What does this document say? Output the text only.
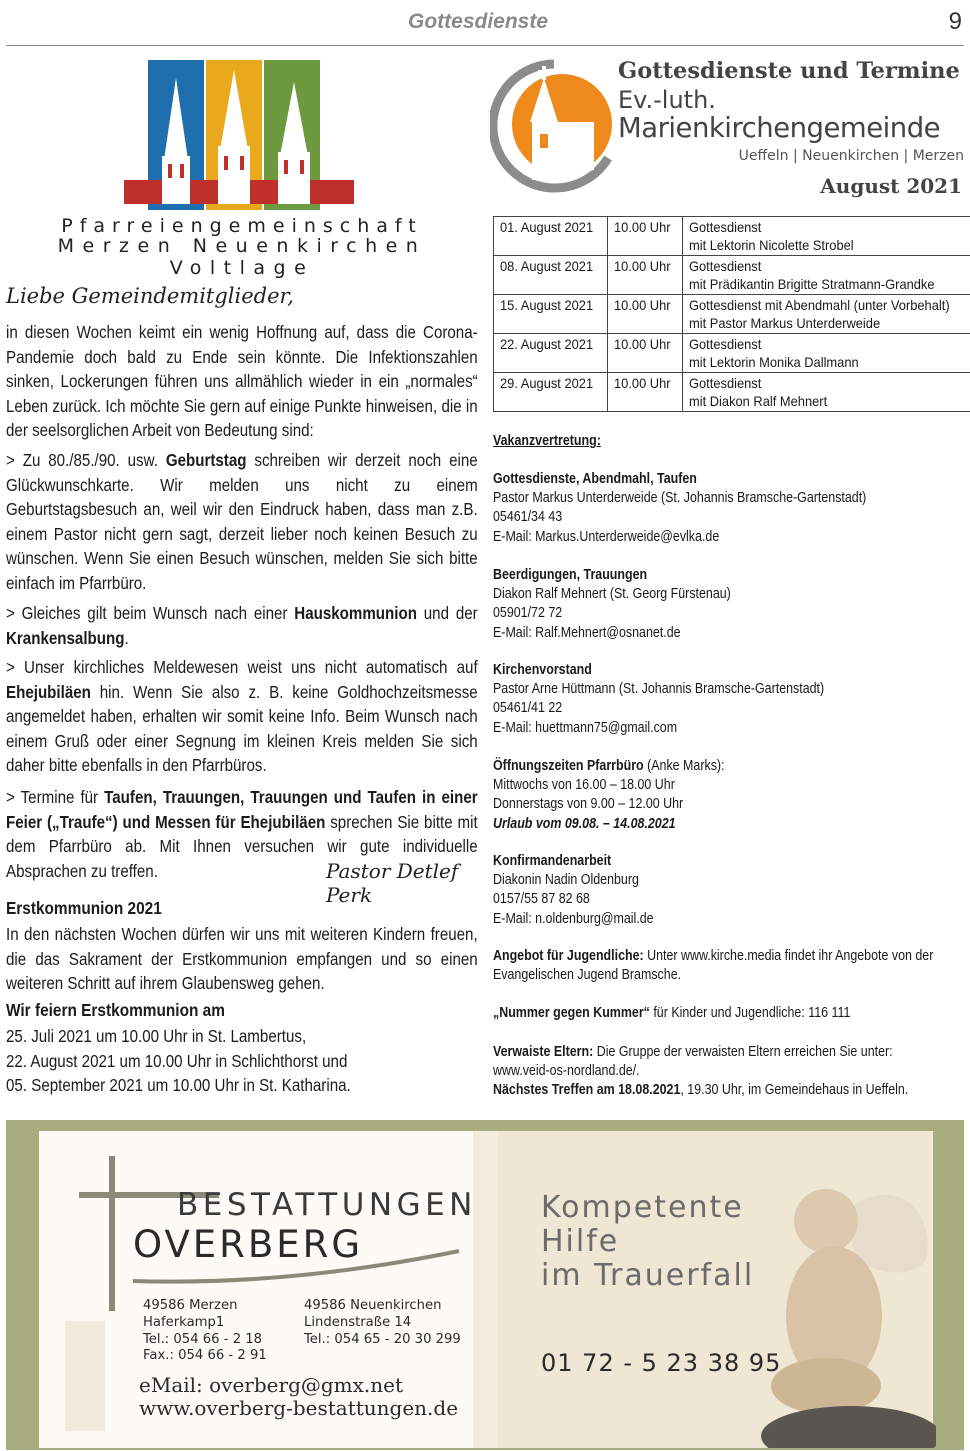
Gottesdienste	9
Pfarreiengemeinschaft
Merzen Neuenkirchen Voltlage
Liebe Gemeindemitglieder,
in diesen Wochen keimt ein wenig Hoffnung auf, dass die Corona-Pandemie doch bald zu Ende sein könnte. Die Infektionszahlen sinken, Lockerungen führen uns allmählich wieder in ein „normales“ Leben zurück. Ich möchte Sie gern auf einige Punkte hinweisen, die in der seelsorglichen Arbeit von Bedeutung sind:
> Zu 80./85./90. usw. Geburtstag schreiben wir derzeit noch eine Glückwunschkarte. Wir melden uns nicht zu einem Geburtstagsbesuch an, weil wir den Eindruck haben, dass man z.B. einem Pastor nicht gern sagt, derzeit lieber noch keinen Besuch zu wünschen. Wenn Sie einen Besuch wünschen, melden Sie sich bitte einfach im Pfarrbüro.
> Gleiches gilt beim Wunsch nach einer Hauskommunion und der Krankensalbung.
> Unser kirchliches Meldewesen weist uns nicht automatisch auf Ehejubiläen hin. Wenn Sie also z. B. keine Goldhochzeitsmesse angemeldet haben, erhalten wir somit keine Info. Beim Wunsch nach einem Gruß oder einer Segnung im kleinen Kreis melden Sie sich daher bitte ebenfalls in den Pfarrbüros.
> Termine für Taufen, Trauungen, Trauungen und Taufen in einer Feier („Traufe“) und Messen für Ehejubiläen sprechen Sie bitte mit dem Pfarrbüro ab. Mit Ihnen versuchen wir gute individuelle Absprachen zu treffen.	Pastor Detlef Perk
Erstkommunion 2021
In den nächsten Wochen dürfen wir uns mit weiteren Kindern freuen, die das Sakrament der Erstkommunion empfangen und so einen weiteren Schritt auf ihrem Glaubensweg gehen.
Wir feiern Erstkommunion am
25. Juli 2021 um 10.00 Uhr in St. Lambertus,
22. August 2021 um 10.00 Uhr in Schlichthorst und
05. September 2021 um 10.00 Uhr in St. Katharina.
Gottesdienste und Termine
Ev.-luth.
Marienkirchengemeinde
Ueffeln | Neuenkirchen | Merzen
August 2021
01. August 2021	10.00 Uhr	Gottesdienst
mit Lektorin Nicolette Strobel
08. August 2021	10.00 Uhr	Gottesdienst
mit Prädikantin Brigitte Stratmann-Grandke
15. August 2021	10.00 Uhr	Gottesdienst mit Abendmahl (unter Vorbehalt)
mit Pastor Markus Unterderweide
22. August 2021	10.00 Uhr	Gottesdienst
mit Lektorin Monika Dallmann
29. August 2021	10.00 Uhr	Gottesdienst
mit Diakon Ralf Mehnert
Vakanzvertretung:
Gottesdienste, Abendmahl, Taufen
Pastor Markus Unterderweide (St. Johannis Bramsche-Gartenstadt)
05461/34 43
E-Mail: Markus.Unterderweide@evlka.de
Beerdigungen, Trauungen
Diakon Ralf Mehnert (St. Georg Fürstenau)
05901/72 72
E-Mail: Ralf.Mehnert@osnanet.de
Kirchenvorstand
Pastor Arne Hüttmann (St. Johannis Bramsche-Gartenstadt)
05461/41 22
E-Mail: huettmann75@gmail.com
Öffnungszeiten Pfarrbüro (Anke Marks):
Mittwochs von 16.00 – 18.00 Uhr
Donnerstags von 9.00 – 12.00 Uhr
Urlaub vom 09.08. – 14.08.2021
Konfirmandenarbeit
Diakonin Nadin Oldenburg
0157/55 87 82 68
E-Mail: n.oldenburg@mail.de
Angebot für Jugendliche: Unter www.kirche.media findet ihr Angebote von der
Evangelischen Jugend Bramsche.
„Nummer gegen Kummer“ für Kinder und Jugendliche: 116 111
Verwaiste Eltern: Die Gruppe der verwaisten Eltern erreichen Sie unter:
www.veid-os-nordland.de/.
Nächstes Treffen am 18.08.2021, 19.30 Uhr, im Gemeindehaus in Ueffeln.
BESTATTUNGEN
OVERBERG
49586 Merzen
Haferkamp1
Tel.: 054 66 - 2 18
Fax.: 054 66 - 2 91
49586 Neuenkirchen
Lindenstraße 14
Tel.: 054 65 - 20 30 299
eMail: overberg@gmx.net
www.overberg-bestattungen.de
Kompetente
Hilfe
im Trauerfall
01 72 - 5 23 38 95
